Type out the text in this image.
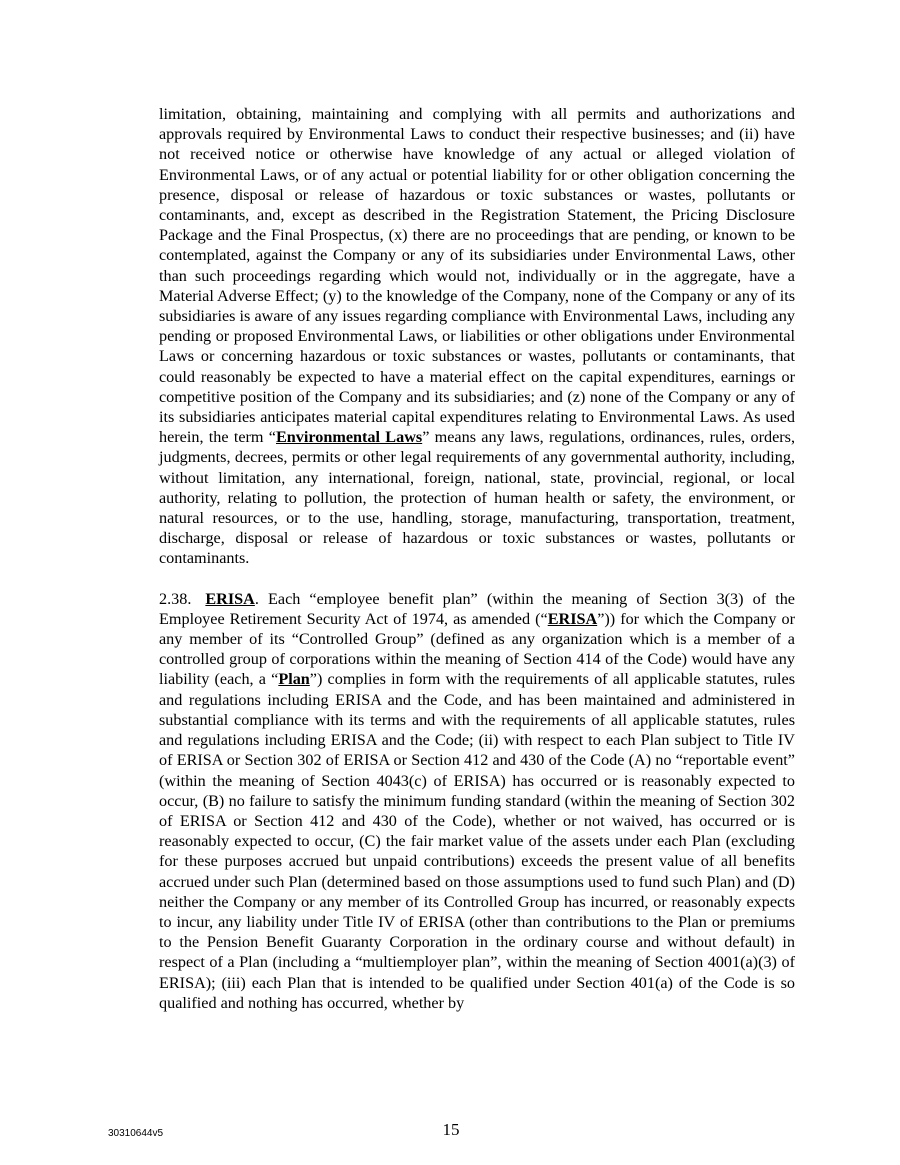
limitation, obtaining, maintaining and complying with all permits and authorizations and approvals required by Environmental Laws to conduct their respective businesses; and (ii) have not received notice or otherwise have knowledge of any actual or alleged violation of Environmental Laws, or of any actual or potential liability for or other obligation concerning the presence, disposal or release of hazardous or toxic substances or wastes, pollutants or contaminants, and, except as described in the Registration Statement, the Pricing Disclosure Package and the Final Prospectus, (x) there are no proceedings that are pending, or known to be contemplated, against the Company or any of its subsidiaries under Environmental Laws, other than such proceedings regarding which would not, individually or in the aggregate, have a Material Adverse Effect; (y) to the knowledge of the Company, none of the Company or any of its subsidiaries is aware of any issues regarding compliance with Environmental Laws, including any pending or proposed Environmental Laws, or liabilities or other obligations under Environmental Laws or concerning hazardous or toxic substances or wastes, pollutants or contaminants, that could reasonably be expected to have a material effect on the capital expenditures, earnings or competitive position of the Company and its subsidiaries; and (z) none of the Company or any of its subsidiaries anticipates material capital expenditures relating to Environmental Laws. As used herein, the term “Environmental Laws” means any laws, regulations, ordinances, rules, orders, judgments, decrees, permits or other legal requirements of any governmental authority, including, without limitation, any international, foreign, national, state, provincial, regional, or local authority, relating to pollution, the protection of human health or safety, the environment, or natural resources, or to the use, handling, storage, manufacturing, transportation, treatment, discharge, disposal or release of hazardous or toxic substances or wastes, pollutants or contaminants.

2.38. ERISA. Each “employee benefit plan” (within the meaning of Section 3(3) of the Employee Retirement Security Act of 1974, as amended (“ERISA”)) for which the Company or any member of its “Controlled Group” (defined as any organization which is a member of a controlled group of corporations within the meaning of Section 414 of the Code) would have any liability (each, a “Plan”) complies in form with the requirements of all applicable statutes, rules and regulations including ERISA and the Code, and has been maintained and administered in substantial compliance with its terms and with the requirements of all applicable statutes, rules and regulations including ERISA and the Code; (ii) with respect to each Plan subject to Title IV of ERISA or Section 302 of ERISA or Section 412 and 430 of the Code (A) no “reportable event” (within the meaning of Section 4043(c) of ERISA) has occurred or is reasonably expected to occur, (B) no failure to satisfy the minimum funding standard (within the meaning of Section 302 of ERISA or Section 412 and 430 of the Code), whether or not waived, has occurred or is reasonably expected to occur, (C) the fair market value of the assets under each Plan (excluding for these purposes accrued but unpaid contributions) exceeds the present value of all benefits accrued under such Plan (determined based on those assumptions used to fund such Plan) and (D) neither the Company or any member of its Controlled Group has incurred, or reasonably expects to incur, any liability under Title IV of ERISA (other than contributions to the Plan or premiums to the Pension Benefit Guaranty Corporation in the ordinary course and without default) in respect of a Plan (including a “multiemployer plan”, within the meaning of Section 4001(a)(3) of ERISA); (iii) each Plan that is intended to be qualified under Section 401(a) of the Code is so qualified and nothing has occurred, whether by

30310644v5	15
